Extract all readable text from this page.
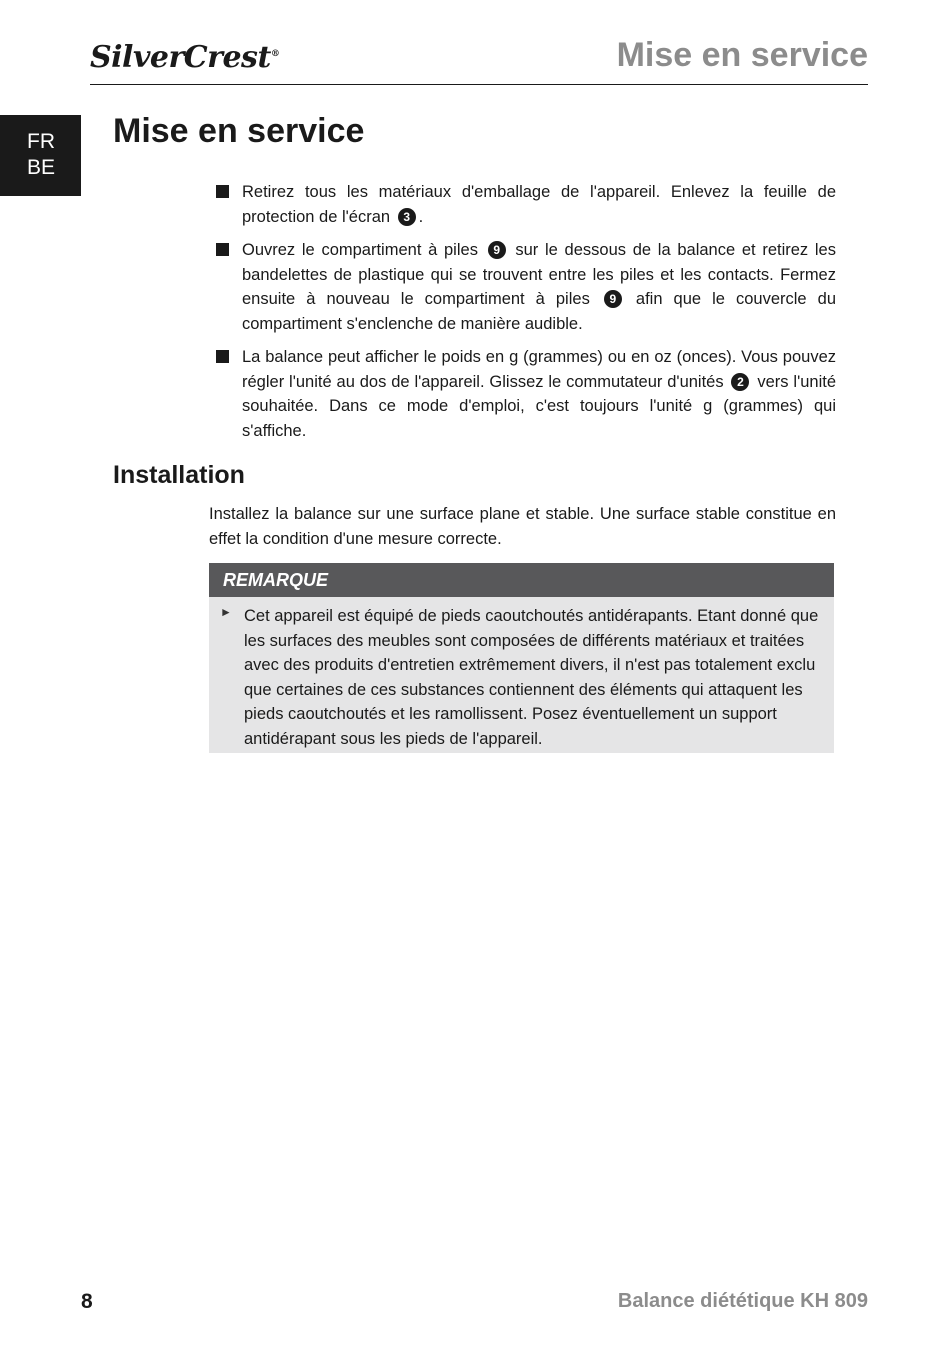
SilverCrest®	Mise en service
FR
BE
Mise en service
Retirez tous les matériaux d'emballage de l'appareil. Enlevez la feuille de protection de l'écran 3 .
Ouvrez le compartiment à piles 9 sur le dessous de la balance et retirez les bandelettes de plastique qui se trouvent entre les piles et les contacts. Fermez ensuite à nouveau le compartiment à piles 9 afin que le couvercle du compartiment s'enclenche de manière audible.
La balance peut afficher le poids en g (grammes) ou en oz (onces). Vous pouvez régler l'unité au dos de l'appareil. Glissez le commutateur d'unités 2 vers l'unité souhaitée. Dans ce mode d'emploi, c'est toujours l'unité g (grammes) qui s'affiche.
Installation

Installez la balance sur une surface plane et stable. Une surface stable constitue en effet la condition d'une mesure correcte.

REMARQUE
► Cet appareil est équipé de pieds caoutchoutés antidérapants. Etant donné que les surfaces des meubles sont composées de différents matériaux et traitées avec des produits d'entretien extrêmement divers, il n'est pas totalement exclu que certaines de ces substances contiennent des éléments qui attaquent les pieds caoutchoutés et les ramollissent. Posez éventuellement un support antidérapant sous les pieds de l'appareil.
8	Balance diététique KH 809
